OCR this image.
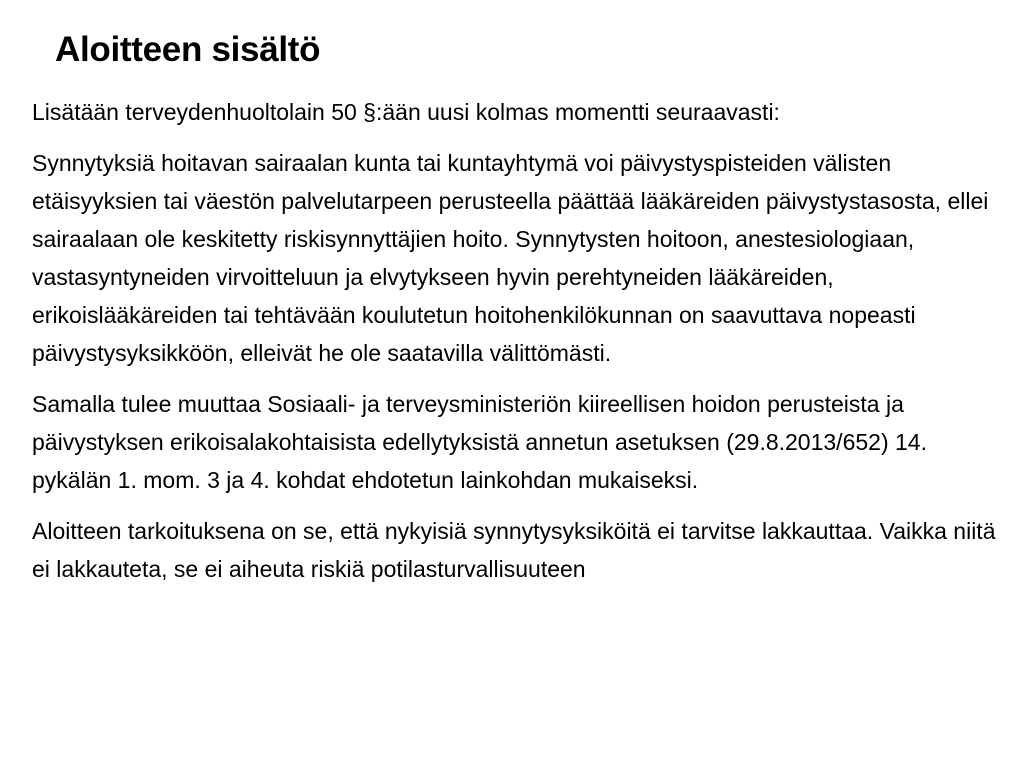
Aloitteen sisältö

Lisätään terveydenhuoltolain 50 §:ään uusi kolmas momentti seuraavasti:

Synnytyksiä hoitavan sairaalan kunta tai kuntayhtymä voi päivystyspisteiden välisten etäisyyksien tai väestön palvelutarpeen perusteella päättää lääkäreiden päivystystasosta, ellei sairaalaan ole keskitetty riskisynnyttäjien hoito. Synnytysten hoitoon, anestesiologiaan, vastasyntyneiden virvoitteluun ja elvytykseen hyvin perehtyneiden lääkäreiden, erikoislääkäreiden tai tehtävään koulutetun hoitohenkilökunnan on saavuttava nopeasti päivystysyksikköön, elleivät he ole saatavilla välittömästi.

Samalla tulee muuttaa Sosiaali- ja terveysministeriön kiireellisen hoidon perusteista ja päivystyksen erikoisalakohtaisista edellytyksistä annetun asetuksen (29.8.2013/652) 14. pykälän 1. mom. 3 ja 4. kohdat ehdotetun lainkohdan mukaiseksi.

Aloitteen tarkoituksena on se, että nykyisiä synnytysyksiköitä ei tarvitse lakkauttaa. Vaikka niitä ei lakkauteta, se ei aiheuta riskiä potilasturvallisuuteen
